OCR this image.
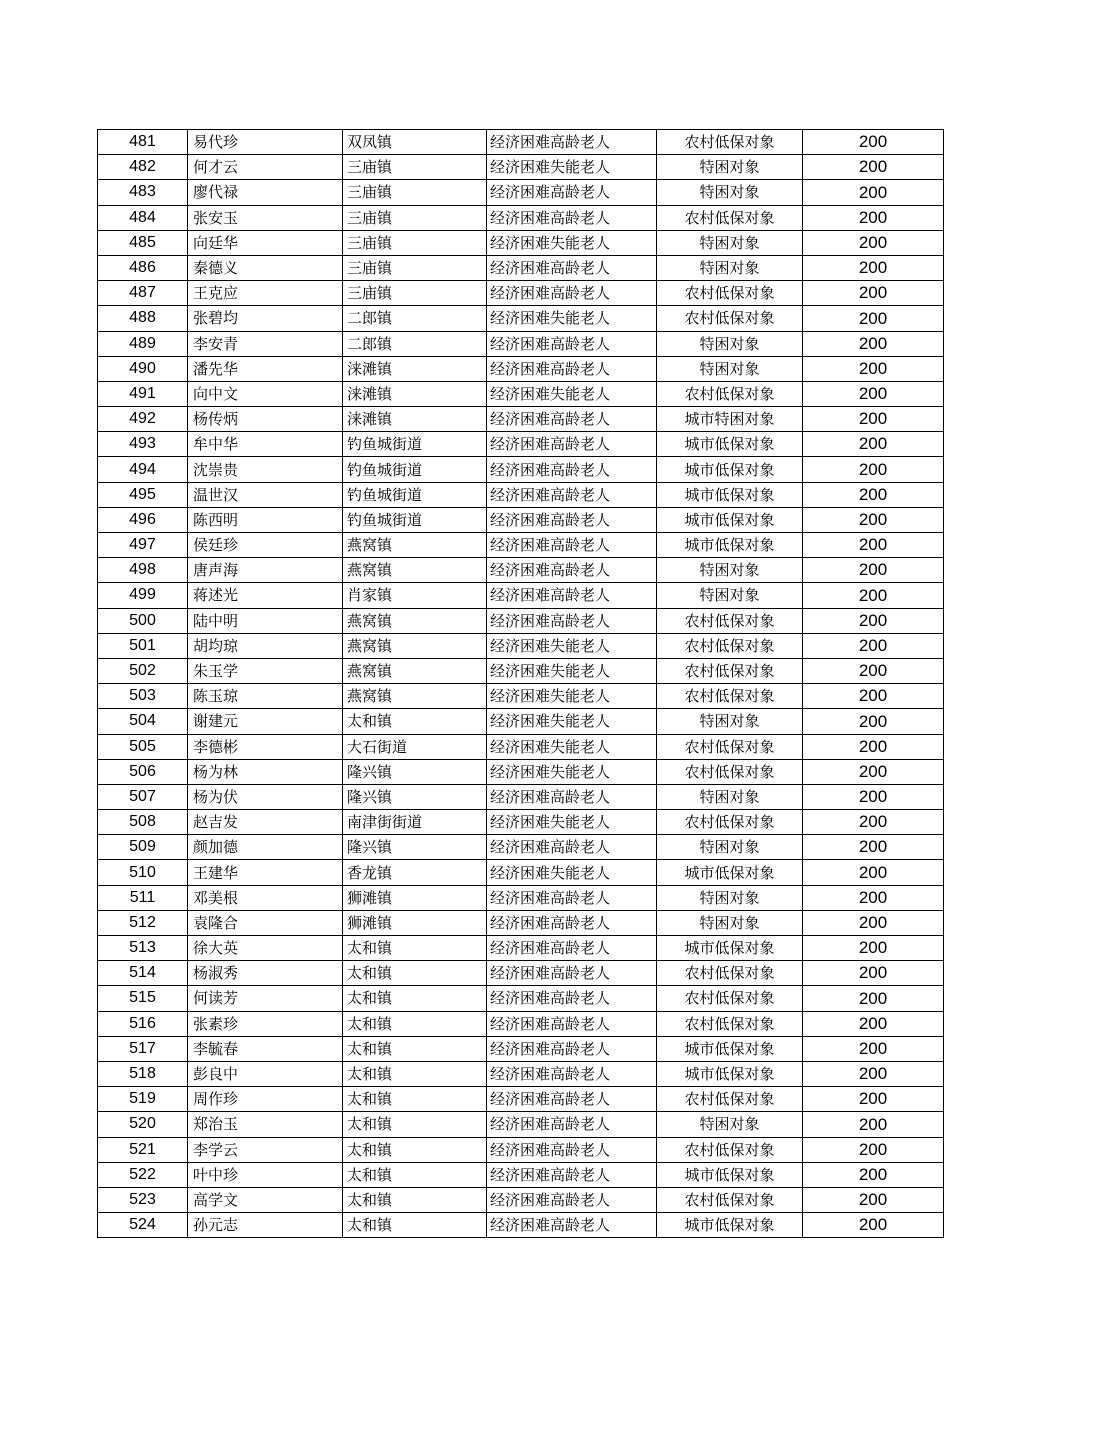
481	易代珍	双凤镇	经济困难高龄老人	农村低保对象	200
482	何才云	三庙镇	经济困难失能老人	特困对象	200
483	廖代禄	三庙镇	经济困难高龄老人	特困对象	200
484	张安玉	三庙镇	经济困难高龄老人	农村低保对象	200
485	向廷华	三庙镇	经济困难失能老人	特困对象	200
486	秦德义	三庙镇	经济困难高龄老人	特困对象	200
487	王克应	三庙镇	经济困难高龄老人	农村低保对象	200
488	张碧均	二郎镇	经济困难失能老人	农村低保对象	200
489	李安青	二郎镇	经济困难高龄老人	特困对象	200
490	潘先华	涞滩镇	经济困难高龄老人	特困对象	200
491	向中文	涞滩镇	经济困难失能老人	农村低保对象	200
492	杨传炳	涞滩镇	经济困难高龄老人	城市特困对象	200
493	牟中华	钓鱼城街道	经济困难高龄老人	城市低保对象	200
494	沈崇贵	钓鱼城街道	经济困难高龄老人	城市低保对象	200
495	温世汉	钓鱼城街道	经济困难高龄老人	城市低保对象	200
496	陈西明	钓鱼城街道	经济困难高龄老人	城市低保对象	200
497	侯廷珍	燕窝镇	经济困难高龄老人	城市低保对象	200
498	唐声海	燕窝镇	经济困难高龄老人	特困对象	200
499	蒋述光	肖家镇	经济困难高龄老人	特困对象	200
500	陆中明	燕窝镇	经济困难高龄老人	农村低保对象	200
501	胡均琼	燕窝镇	经济困难失能老人	农村低保对象	200
502	朱玉学	燕窝镇	经济困难失能老人	农村低保对象	200
503	陈玉琼	燕窝镇	经济困难失能老人	农村低保对象	200
504	谢建元	太和镇	经济困难失能老人	特困对象	200
505	李德彬	大石街道	经济困难失能老人	农村低保对象	200
506	杨为林	隆兴镇	经济困难失能老人	农村低保对象	200
507	杨为伏	隆兴镇	经济困难高龄老人	特困对象	200
508	赵吉发	南津街街道	经济困难失能老人	农村低保对象	200
509	颜加德	隆兴镇	经济困难高龄老人	特困对象	200
510	王建华	香龙镇	经济困难失能老人	城市低保对象	200
511	邓美根	狮滩镇	经济困难高龄老人	特困对象	200
512	袁隆合	狮滩镇	经济困难高龄老人	特困对象	200
513	徐大英	太和镇	经济困难高龄老人	城市低保对象	200
514	杨淑秀	太和镇	经济困难高龄老人	农村低保对象	200
515	何读芳	太和镇	经济困难高龄老人	农村低保对象	200
516	张素珍	太和镇	经济困难高龄老人	农村低保对象	200
517	李毓春	太和镇	经济困难高龄老人	城市低保对象	200
518	彭良中	太和镇	经济困难高龄老人	城市低保对象	200
519	周作珍	太和镇	经济困难高龄老人	农村低保对象	200
520	郑治玉	太和镇	经济困难高龄老人	特困对象	200
521	李学云	太和镇	经济困难高龄老人	农村低保对象	200
522	叶中珍	太和镇	经济困难高龄老人	城市低保对象	200
523	高学文	太和镇	经济困难高龄老人	农村低保对象	200
524	孙元志	太和镇	经济困难高龄老人	城市低保对象	200
